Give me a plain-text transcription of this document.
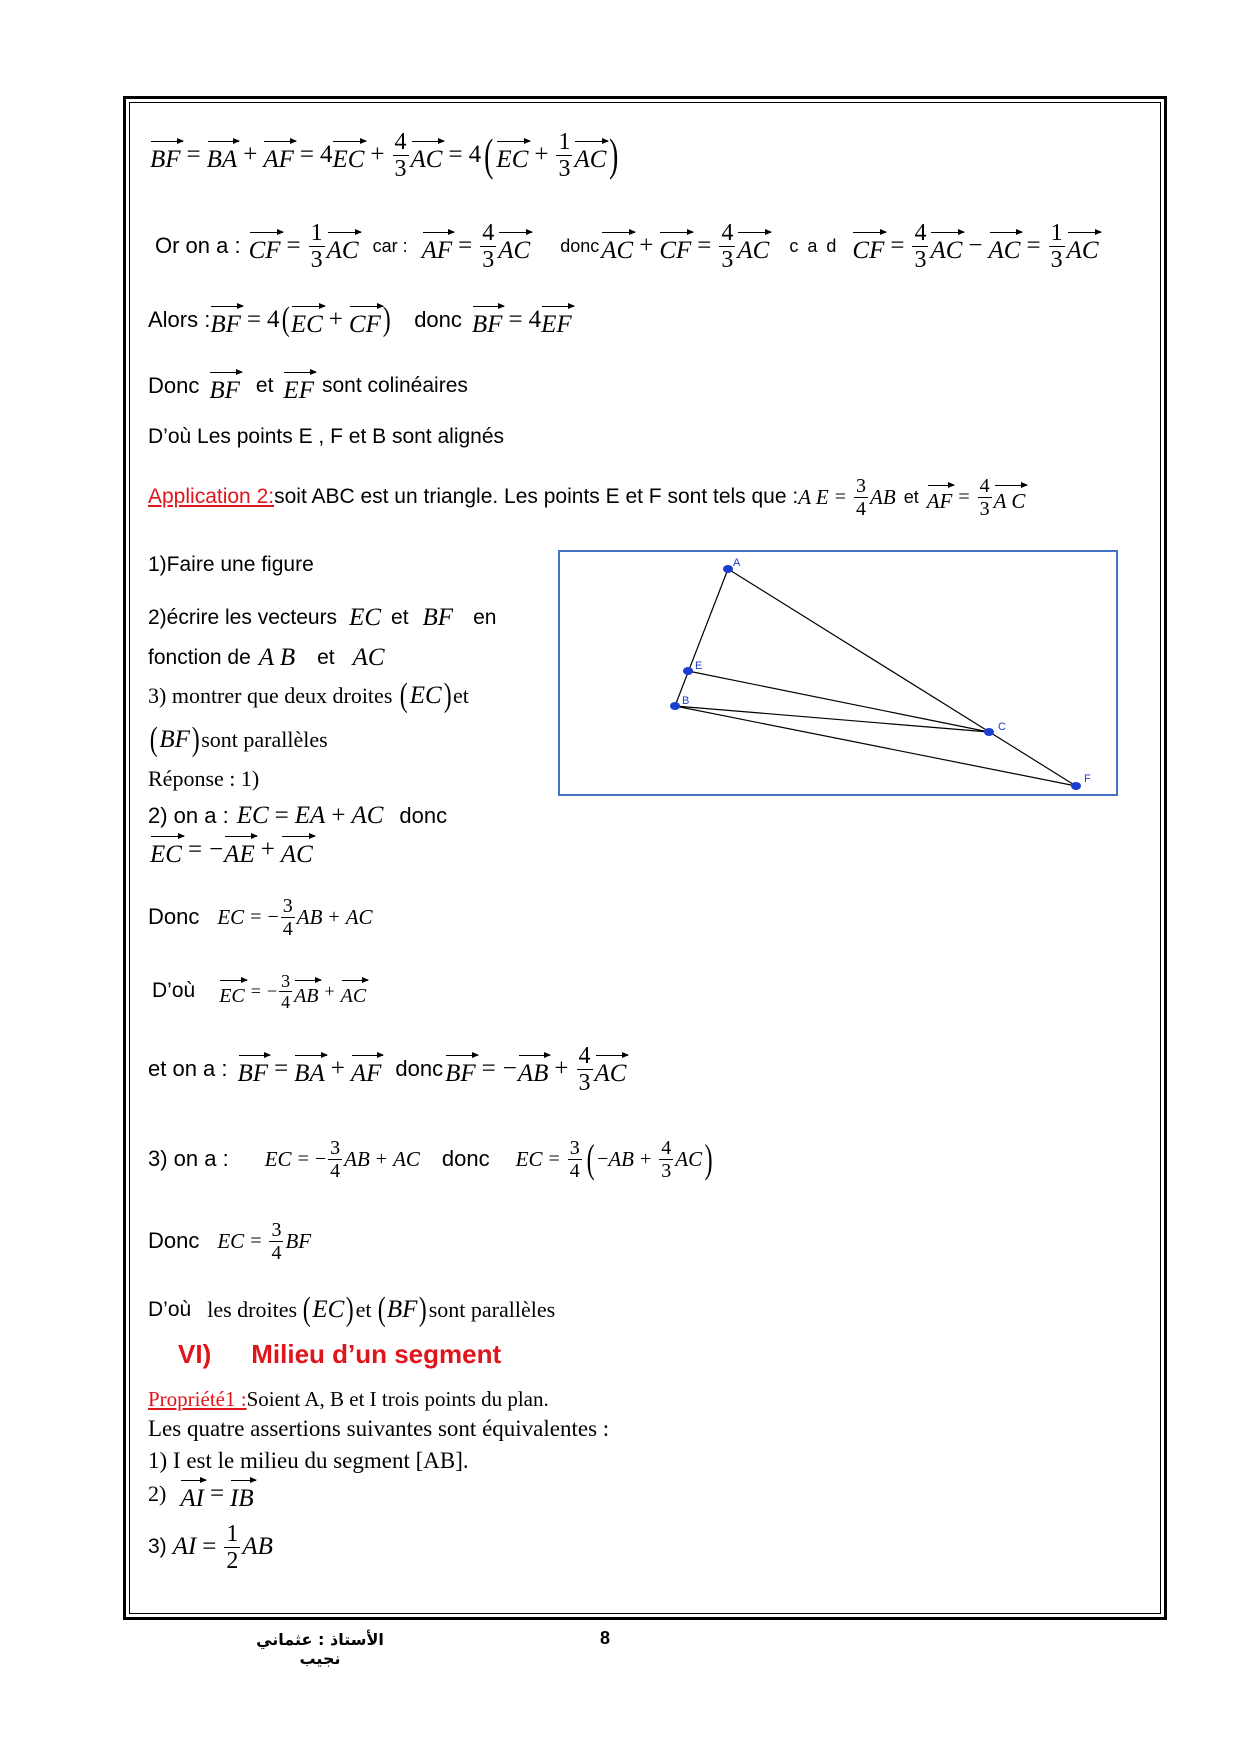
BF = BA + AF = 4 EC + $\frac{4}{3}$ AC = 4 ( EC + $\frac{1}{3}$ AC )
Or on a : CF = $\frac{1}{3}$ AC car : AF = $\frac{4}{3}$ AC donc AC + CF = $\frac{4}{3}$ AC c a d CF = $\frac{4}{3}$ AC − AC = $\frac{1}{3}$ AC
Alors : BF = 4 ( EC + CF ) donc BF = 4 EF
Donc BF et EF sont colinéaires
D’où Les points E , F et B sont alignés
Application 2: soit ABC est un triangle. Les points E et F sont tels que : A $E = \frac{3}{4}$ AB et AF = $\frac{4}{3}$ A C
1)Faire une figure
2)écrire les vecteurs EC et BF en
fonction de A B et AC
3) montrer que deux droites ( EC ) et
( BF ) sont parallèles
Réponse : 1)
2) on a : EC = EA + AC donc
EC = − AE + AC
Donc EC = − $\frac{3}{4}$ AB + AC
D’où EC = − $\frac{3}{4}$ AB + AC
et on a : BF = BA + AF donc BF = − AB + $\frac{4}{3}$ AC
3) on a : EC = − $\frac{3}{4}$ AB + AC donc EC = $\frac{3}{4}$ ( − AB + $\frac{4}{3}$ AC )
Donc EC = $\frac{3}{4}$ BF
D’où les droites ( EC ) et ( BF ) sont parallèles
VI) Milieu d’un segment
Propriété1 : Soient A, B et I trois points du plan.
Les quatre assertions suivantes sont équivalentes :
1) I est le milieu du segment [AB].
2) AI = IB
3) AI = $\frac{1}{2}$ AB
A
E
B
C
F
الأستاذ : عثماني نجيب
8
